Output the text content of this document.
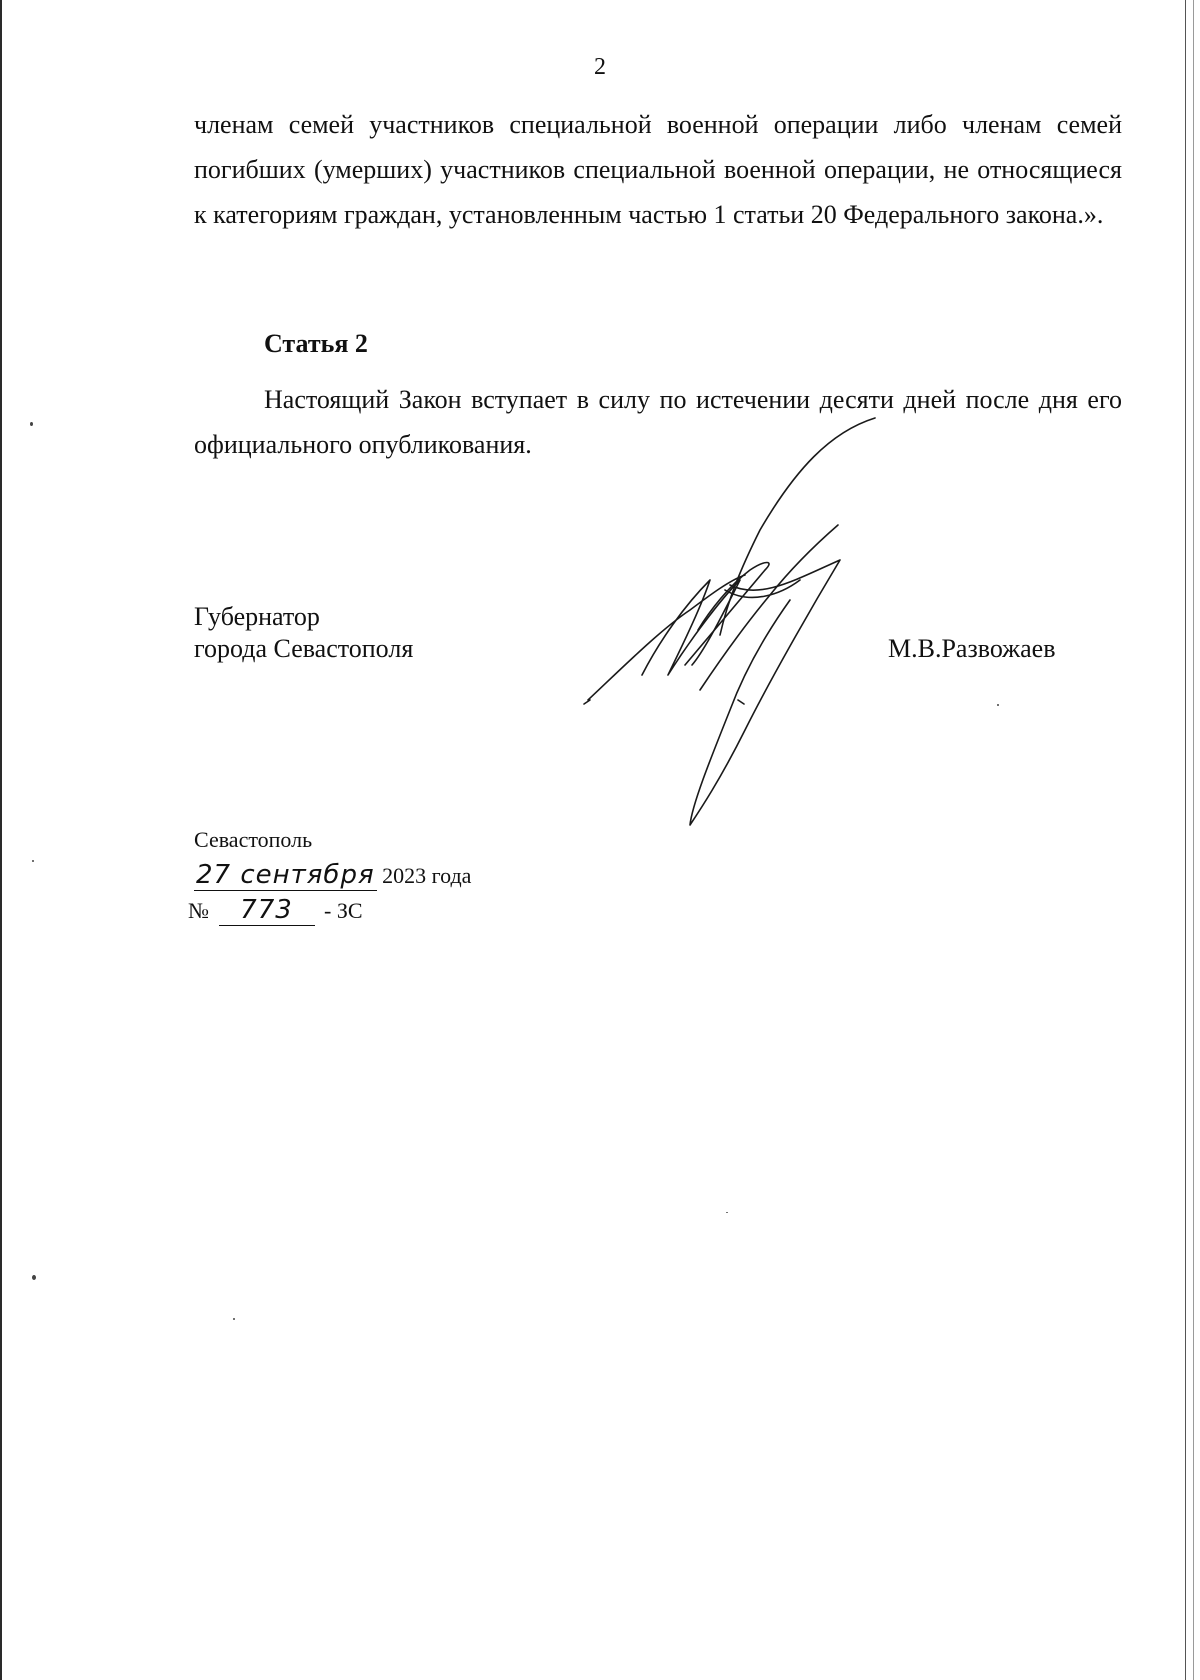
2
членам семей участников специальной военной операции либо членам семей погибших (умерших) участников специальной военной операции, не относящиеся к категориям граждан, установленным частью 1 статьи 20 Федерального закона.».
Статья 2
Настоящий Закон вступает в силу по истечении десяти дней после дня его официального опубликования.
Губернатор
города Севастополя	М.В.Развожаев
Севастополь
27 сентября 2023 года
№ 773 - ЗС
